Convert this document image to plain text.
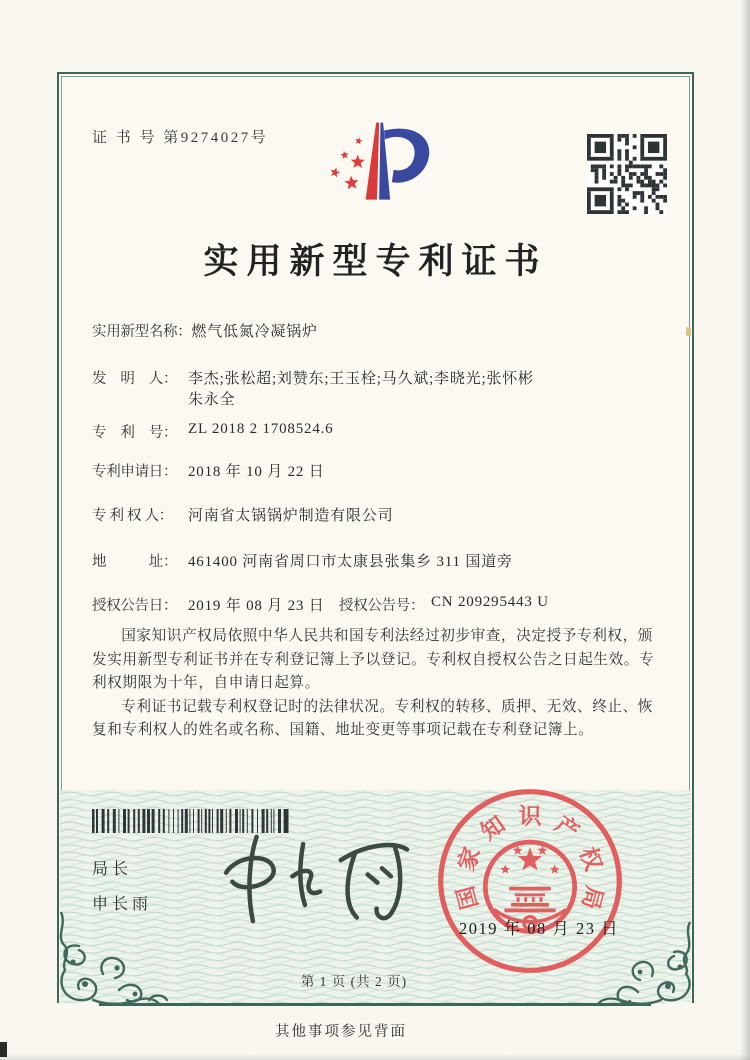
证 书 号 第9274027号
实用新型专利证书
实用新型名称： 燃气低氮冷凝锅炉
发　明　人： 李杰;张松超;刘赞东;王玉栓;马久斌;李晓光;张怀彬
朱永全
专　利　号： ZL 2018 2 1708524.6
专利申请日： 2018 年 10 月 22 日
专 利 权 人：	河南省太锅锅炉制造有限公司
地　　　址： 461400 河南省周口市太康县张集乡 311 国道旁
授权公告日： 2019 年 08 月 23 日 授权公告号： CN 209295443 U

国家知识产权局依照中华人民共和国专利法经过初步审查，决定授予专利权，颁发实用新型专利证书并在专利登记簿上予以登记。专利权自授权公告之日起生效。专利权期限为十年，自申请日起算。

专利证书记载专利权登记时的法律状况。专利权的转移、质押、无效、终止、恢复和专利权人的姓名或名称、国籍、地址变更等事项记载在专利登记簿上。

局长
申长雨	国
家
知 识 产
权
局
2019 年 08 月 23 日
第 1 页 (共 2 页)
其他事项参见背面
